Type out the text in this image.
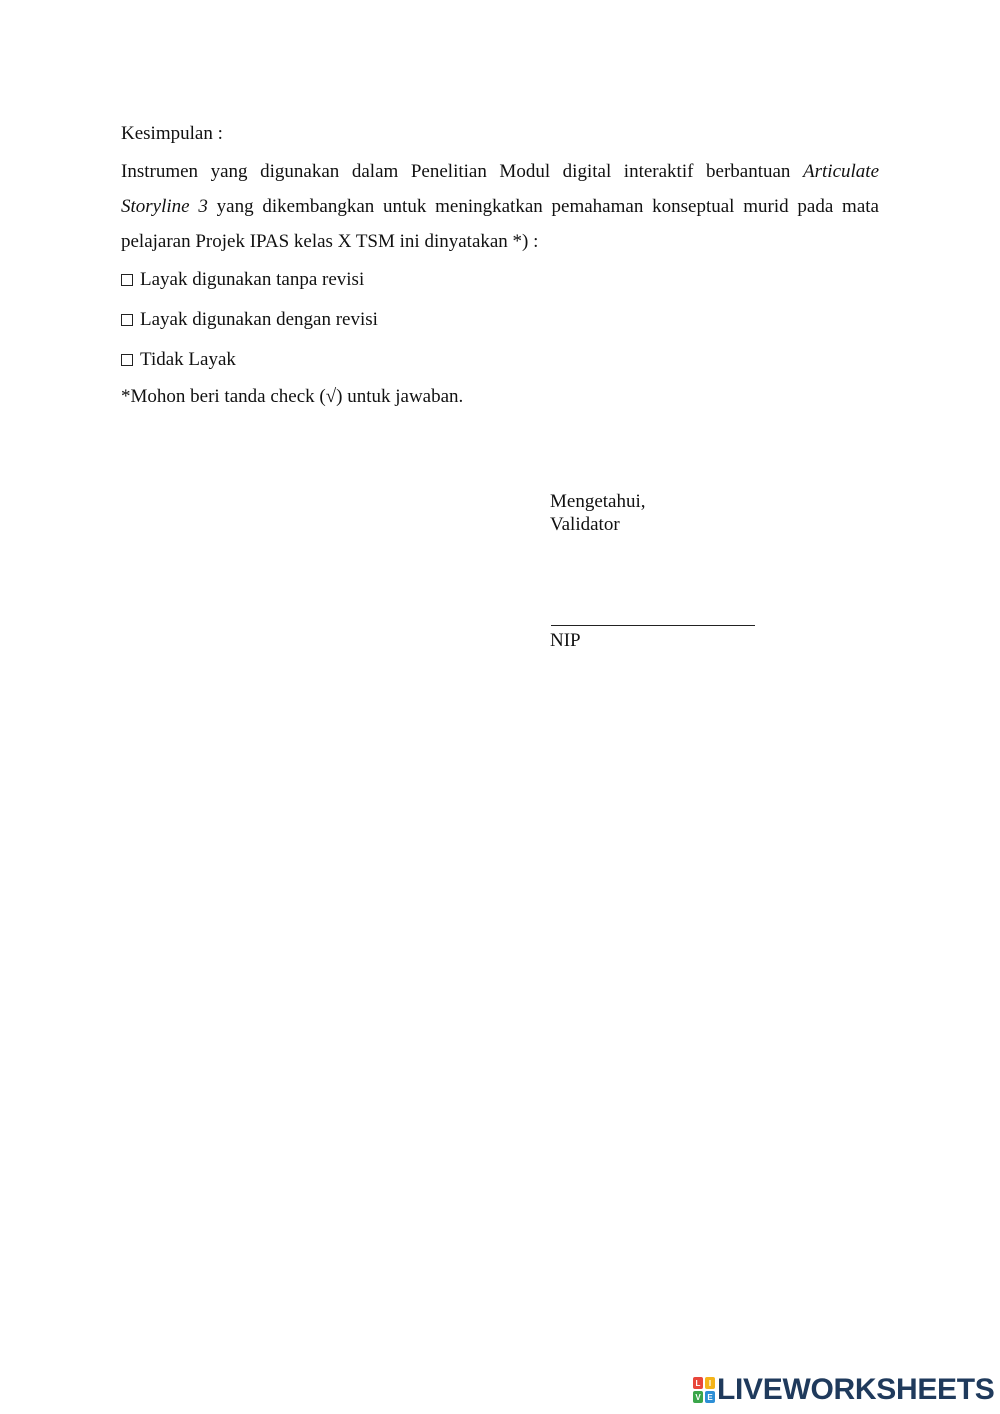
Kesimpulan :
Instrumen yang digunakan dalam Penelitian Modul digital interaktif berbantuan Articulate
Storyline 3 yang dikembangkan untuk meningkatkan pemahaman konseptual murid pada mata
pelajaran Projek IPAS kelas X TSM ini dinyatakan *) :
Layak digunakan tanpa revisi
Layak digunakan dengan revisi
Tidak Layak
*Mohon beri tanda check (√) untuk jawaban.
Mengetahui,
Validator
NIP
L	I
V E LIVEWORKSHEETS
